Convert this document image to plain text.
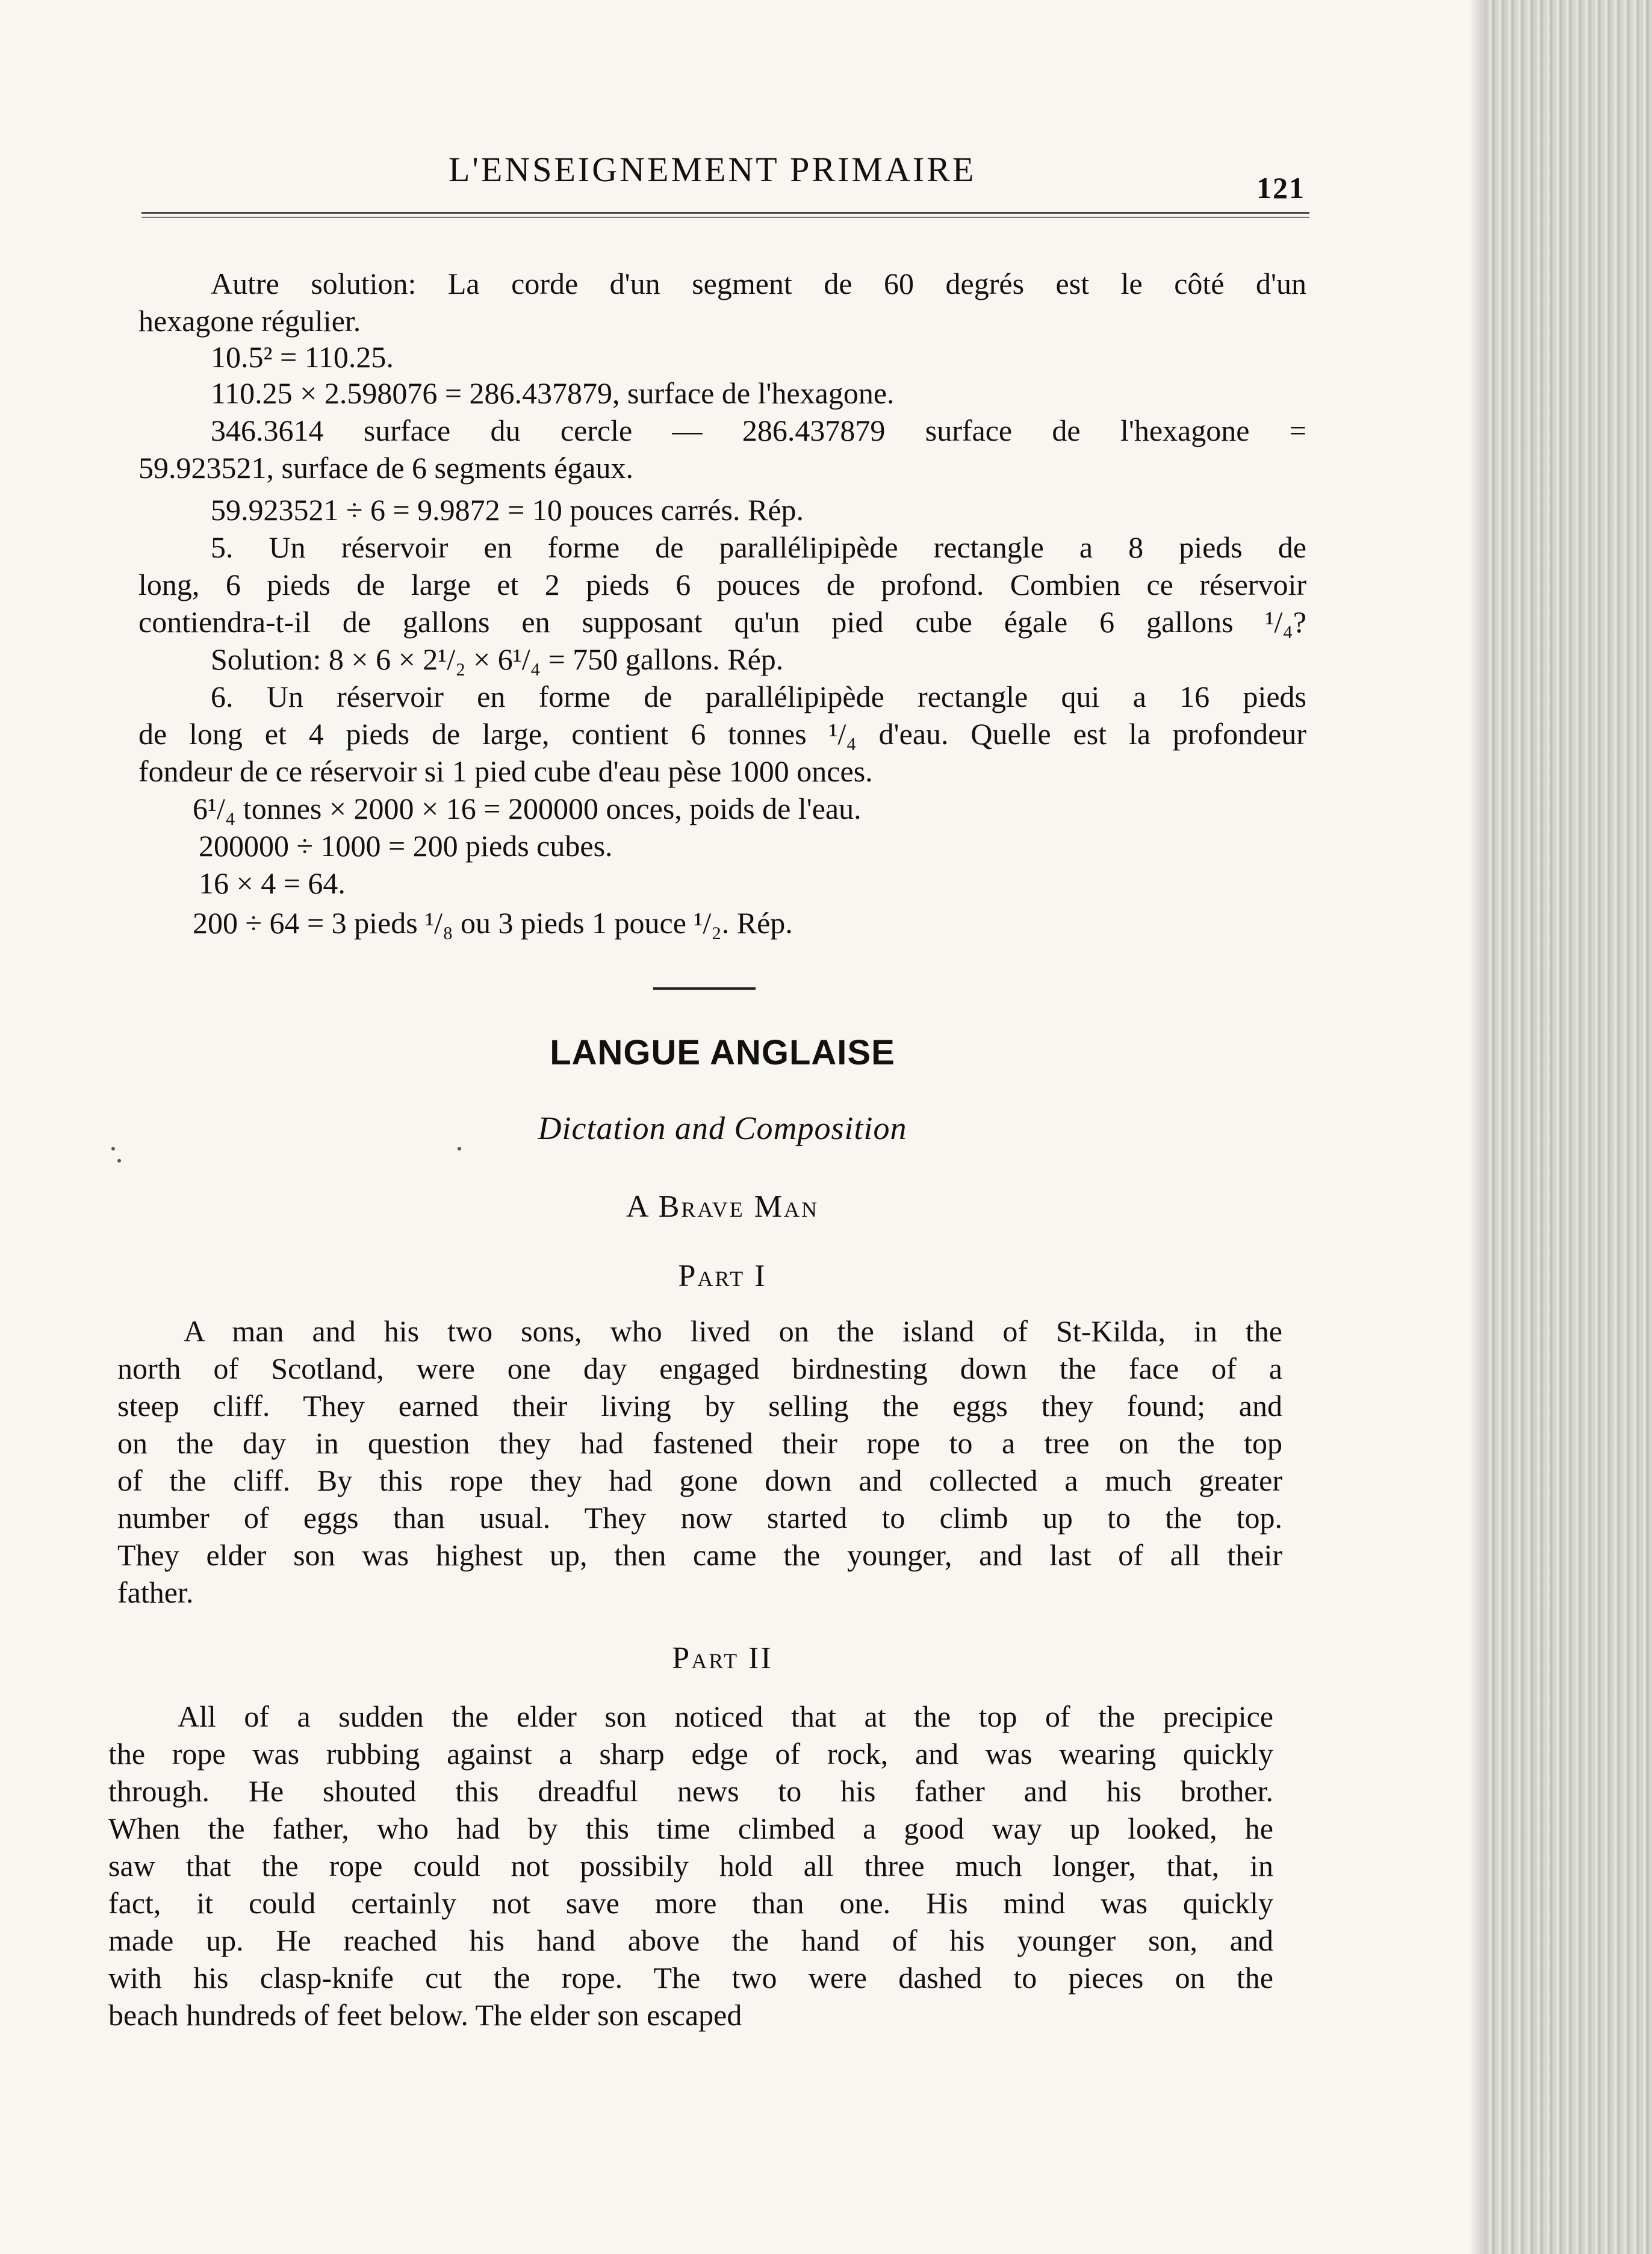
L'ENSEIGNEMENT PRIMAIRE	121
Autre solution: La corde d'un segment de 60 degrés est le côté d'un
hexagone régulier.
10.5² = 110.25.
110.25 × 2.598076 = 286.437879, surface de l'hexagone.
346.3614 surface du cercle — 286.437879 surface de l'hexagone =
59.923521, surface de 6 segments égaux.
59.923521 ÷ 6 = 9.9872 = 10 pouces carrés. Rép.
5. Un réservoir en forme de parallélipipède rectangle a 8 pieds de
long, 6 pieds de large et 2 pieds 6 pouces de profond. Combien ce réservoir
contiendra-t-il de gallons en supposant qu'un pied cube égale 6 gallons ¹/₄?
Solution: 8 × 6 × 2¹/₂ × 6¹/₄ = 750 gallons. Rép.
6. Un réservoir en forme de parallélipipède rectangle qui a 16 pieds
de long et 4 pieds de large, contient 6 tonnes ¹/₄ d'eau. Quelle est la profondeur
fondeur de ce réservoir si 1 pied cube d'eau pèse 1000 onces.
6¹/₄ tonnes × 2000 × 16 = 200000 onces, poids de l'eau.
200000 ÷ 1000 = 200 pieds cubes.
16 × 4 = 64.
200 ÷ 64 = 3 pieds ¹/₈ ou 3 pieds 1 pouce ¹/₂. Rép.
LANGUE ANGLAISE
Dictation and Composition
A Brave Man
Part I
A man and his two sons, who lived on the island of St-Kilda, in the
north of Scotland, were one day engaged birdnesting down the face of a
steep cliff. They earned their living by selling the eggs they found; and
on the day in question they had fastened their rope to a tree on the top
of the cliff. By this rope they had gone down and collected a much greater
number of eggs than usual. They now started to climb up to the top.
They elder son was highest up, then came the younger, and last of all their
father.
Part II
All of a sudden the elder son noticed that at the top of the precipice
the rope was rubbing against a sharp edge of rock, and was wearing quickly
through. He shouted this dreadful news to his father and his brother.
When the father, who had by this time climbed a good way up looked, he
saw that the rope could not possibily hold all three much longer, that, in
fact, it could certainly not save more than one. His mind was quickly
made up. He reached his hand above the hand of his younger son, and
with his clasp-knife cut the rope. The two were dashed to pieces on the
beach hundreds of feet below. The elder son escaped
